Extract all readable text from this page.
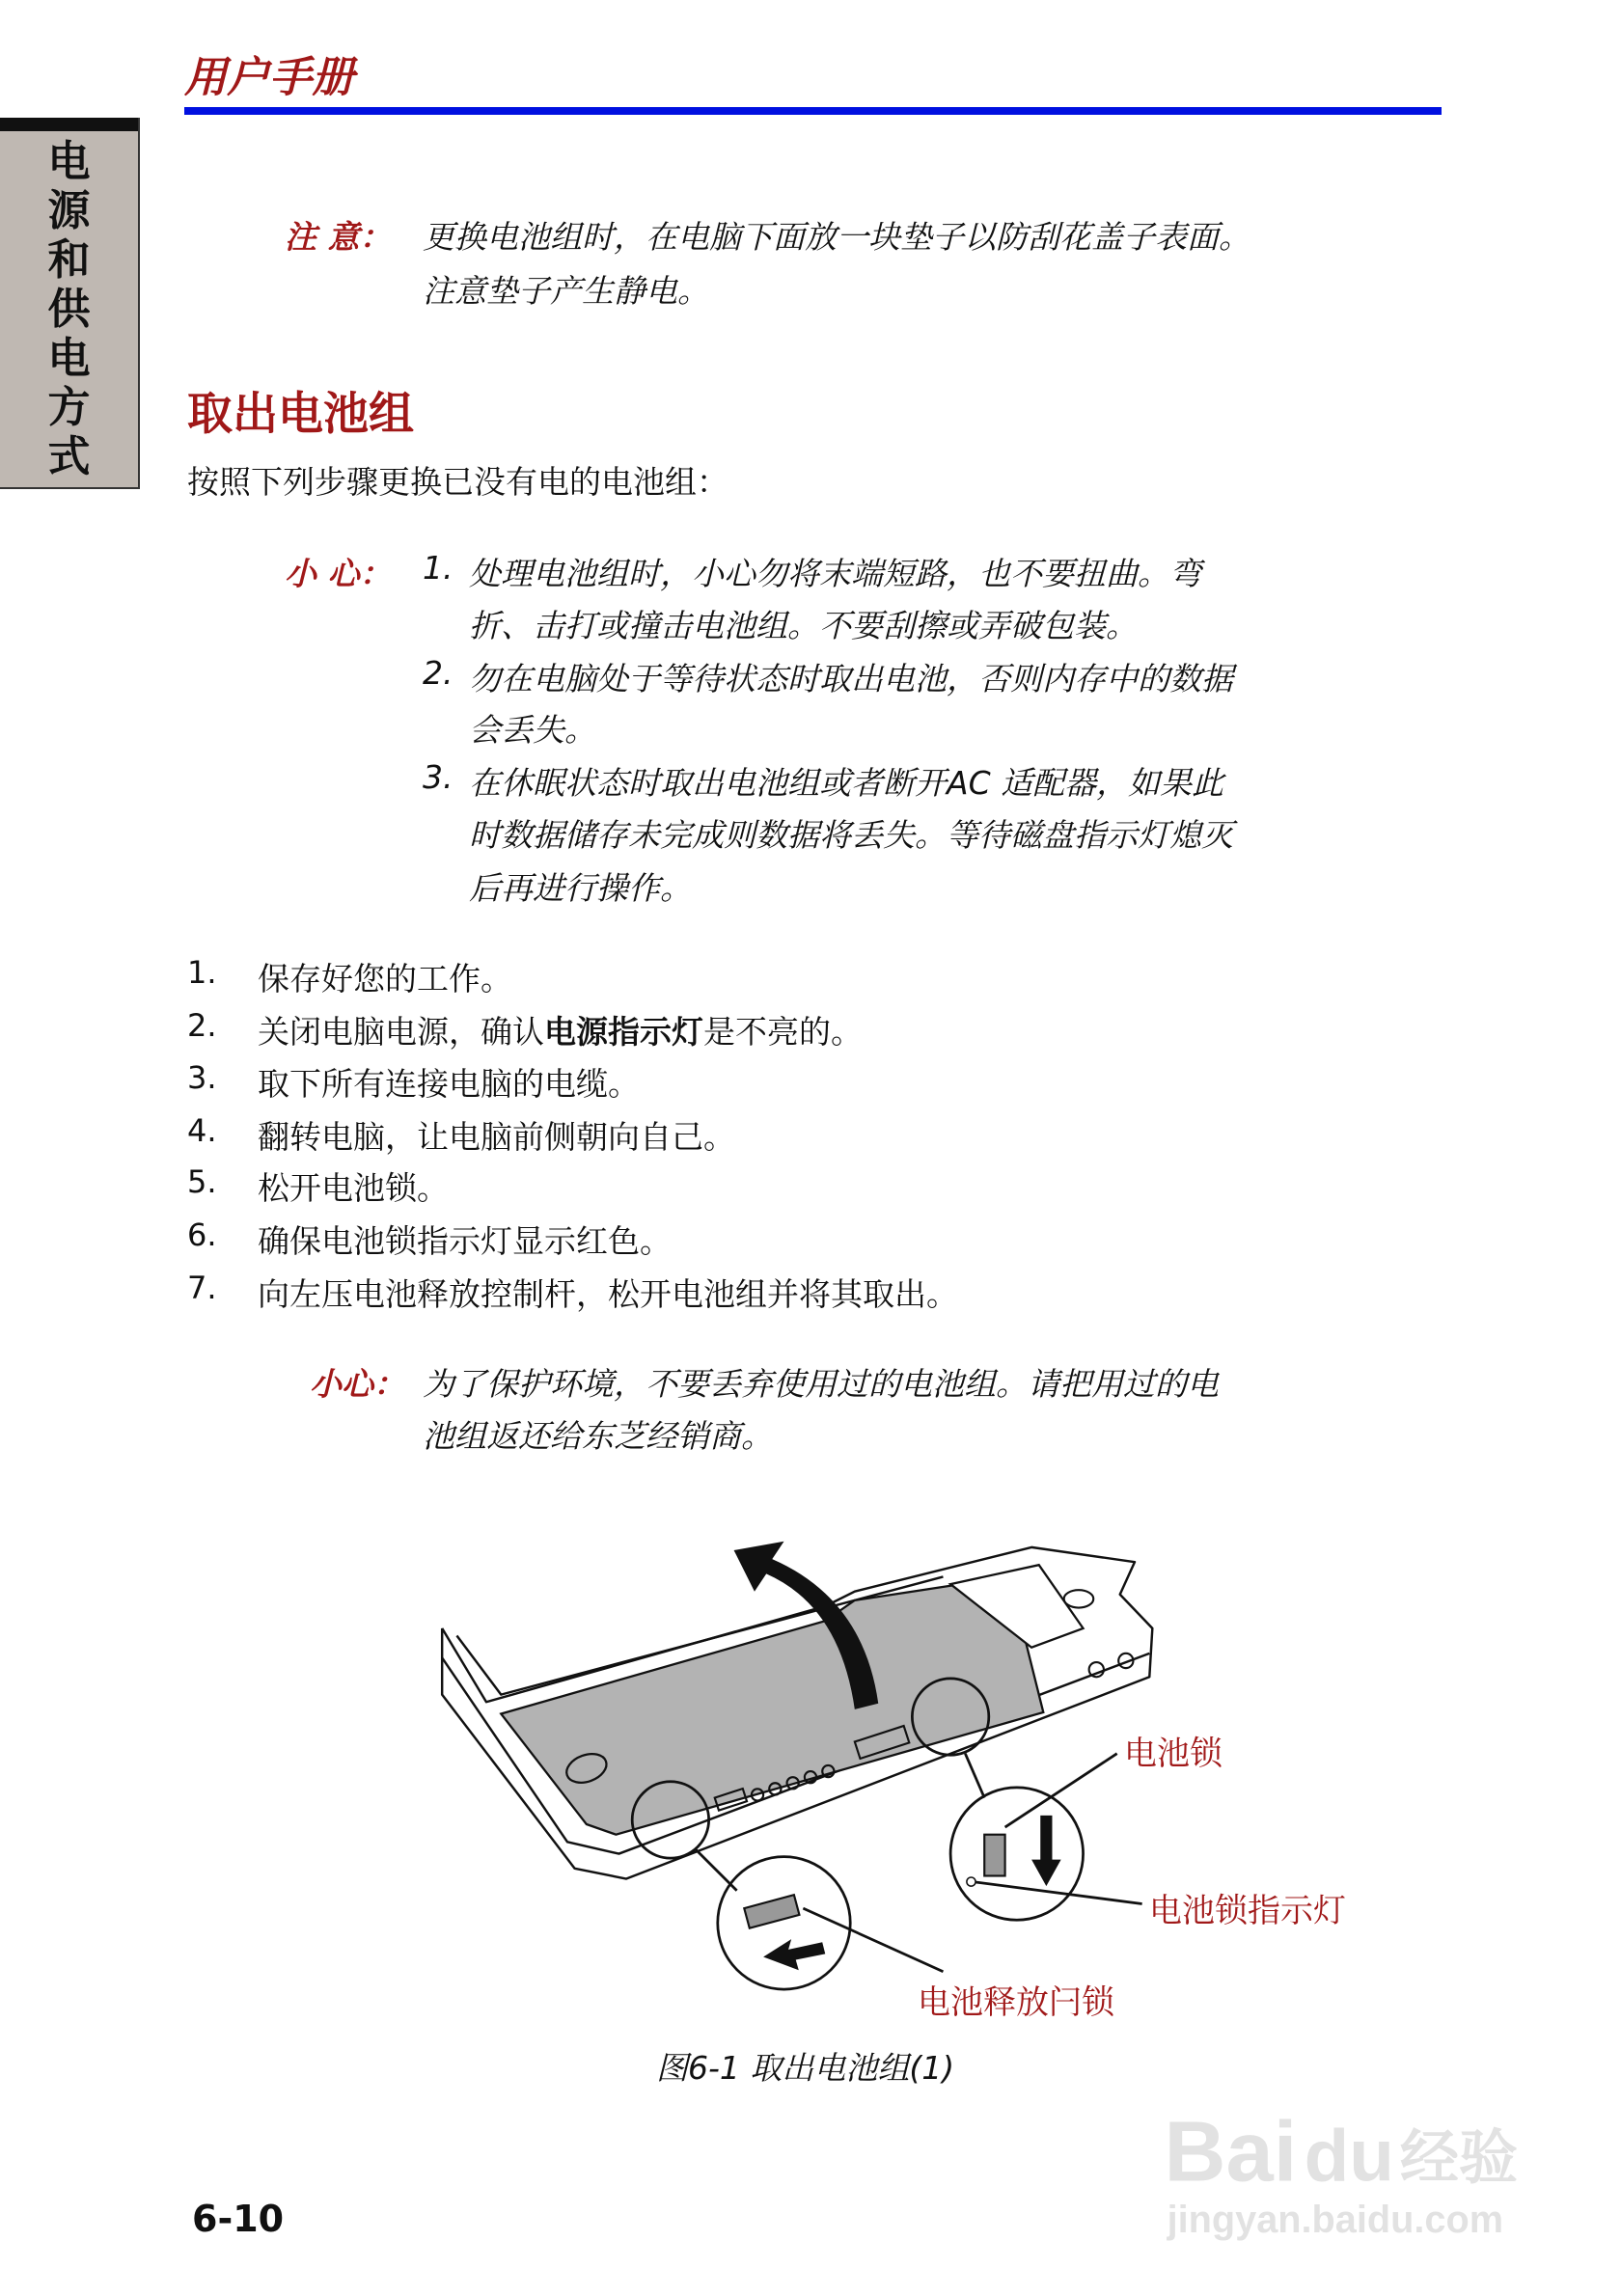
用户手册
电
源
和
供
电
方
式
注 意： 更换电池组时，在电脑下面放一块垫子以防刮花盖子表面。
注意垫子产生静电。
取出电池组
按照下列步骤更换已没有电的电池组：
小 心： 1. 处理电池组时，小心勿将末端短路，也不要扭曲。弯
折、击打或撞击电池组。不要刮擦或弄破包装。
2. 勿在电脑处于等待状态时取出电池，否则内存中的数据
会丢失。
3. 在休眠状态时取出电池组或者断开AC 适配器，如果此
时数据储存未完成则数据将丢失。等待磁盘指示灯熄灭
后再进行操作。
1. 保存好您的工作。
2. 关闭电脑电源，确认电源指示灯是不亮的。
3. 取下所有连接电脑的电缆。
4. 翻转电脑，让电脑前侧朝向自己。
5. 松开电池锁。
6. 确保电池锁指示灯显示红色。
7. 向左压电池释放控制杆，松开电池组并将其取出。
小心： 为了保护环境，不要丢弃使用过的电池组。请把用过的电
池组返还给东芝经销商。
Bai du 经验
jingyan.baidu.com
电池锁
电池锁指示灯
电池释放闩锁
图6-1 取出电池组(1)
6-10
